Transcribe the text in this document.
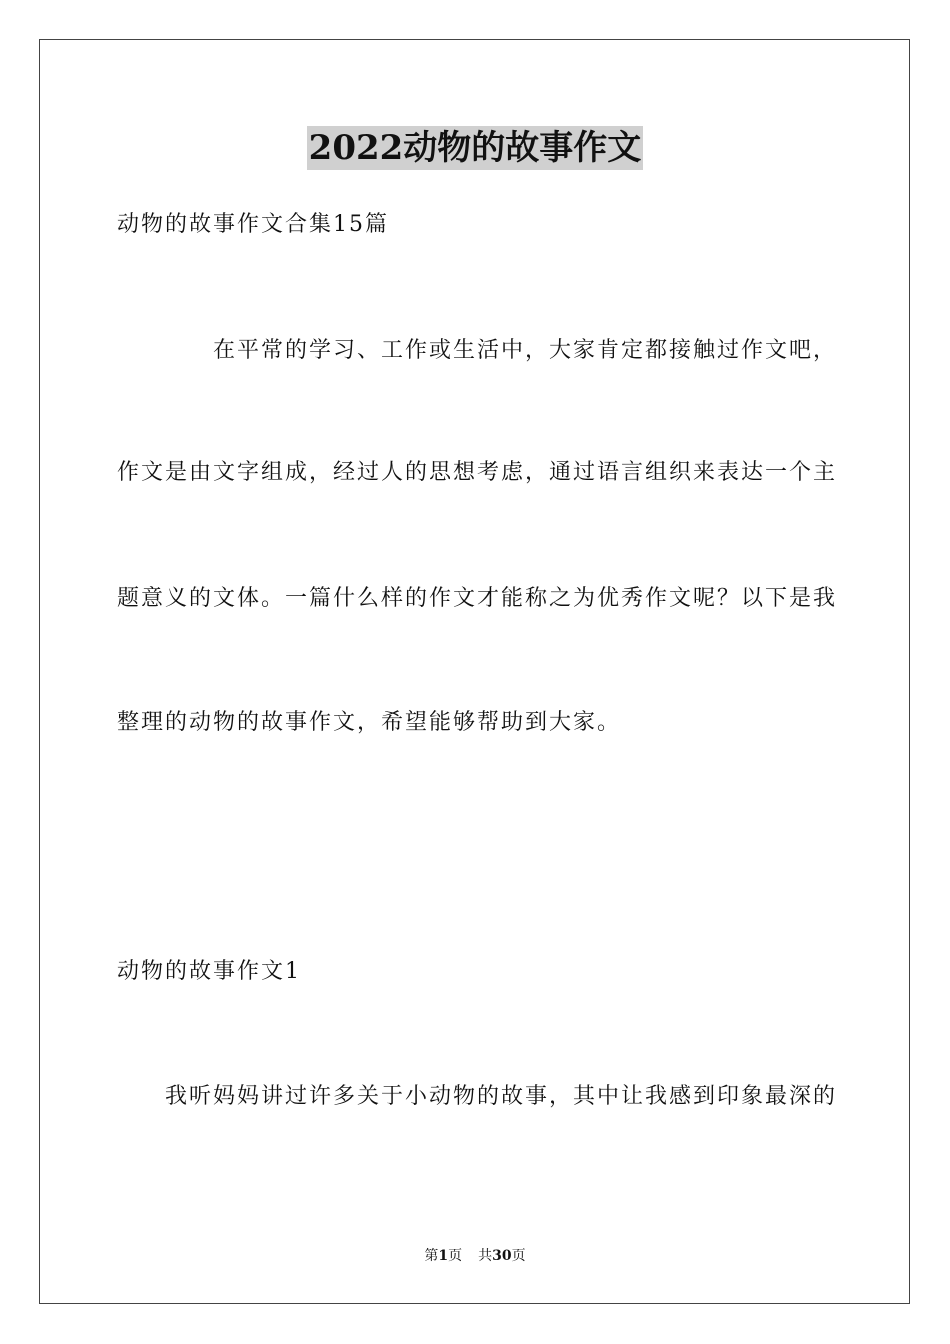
2022动物的故事作文
动物的故事作文合集15篇
在平常的学习、工作或生活中，大家肯定都接触过作文吧，
作文是由文字组成，经过人的思想考虑，通过语言组织来表达一个主
题意义的文体。一篇什么样的作文才能称之为优秀作文呢？以下是我
整理的动物的故事作文，希望能够帮助到大家。
动物的故事作文1
我听妈妈讲过许多关于小动物的故事，其中让我感到印象最深的
第1页 共30页
